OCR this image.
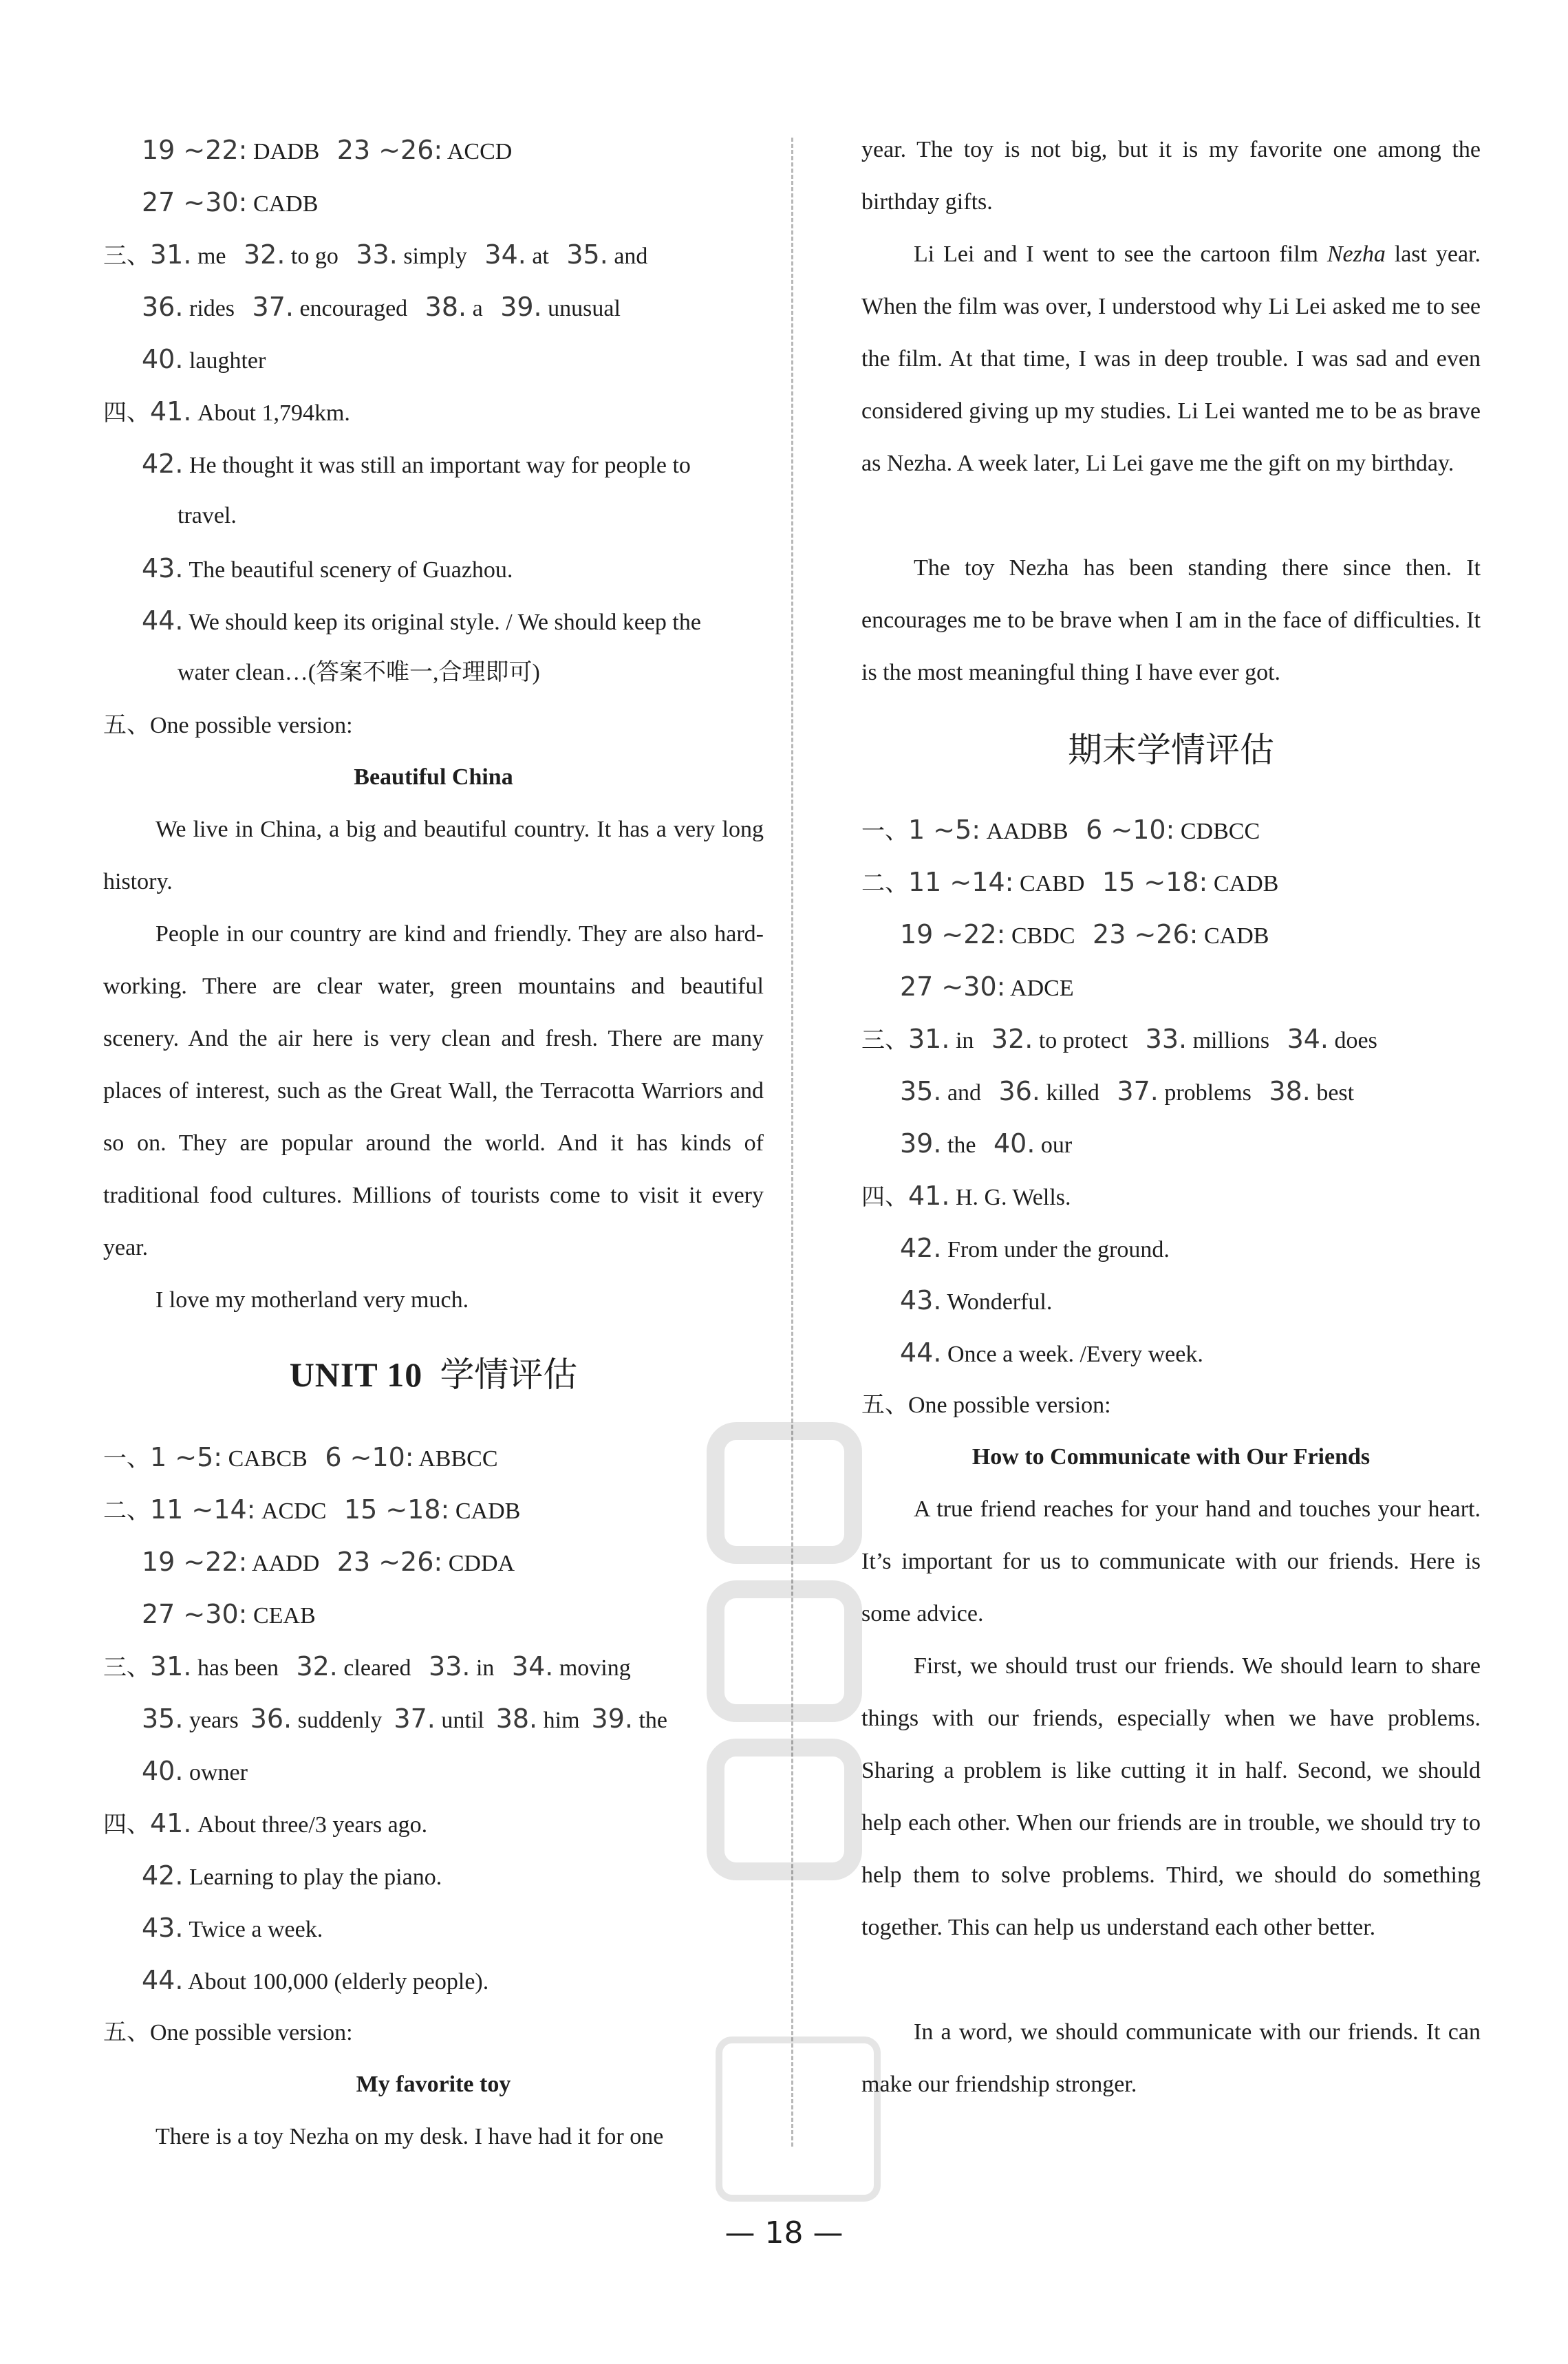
19 ~22: DADB   23 ~26: ACCD
27 ~30: CADB
三、31. me   32. to go   33. simply   34. at   35. and
36. rides   37. encouraged   38. a   39. unusual
40. laughter
四、41. About 1,794km.
42. He thought it was still an important way for people to
travel.
43. The beautiful scenery of Guazhou.
44. We should keep its original style. / We should keep the
water clean…(答案不唯一,合理即可)
五、One possible version:
Beautiful China
We live in China, a big and beautiful country. It has a very long history.
People in our country are kind and friendly. They are also hard-working. There are clear water, green mountains and beautiful scenery. And the air here is very clean and fresh. There are many places of interest, such as the Great Wall, the Terracotta Warriors and so on. They are popular around the world. And it has kinds of traditional food cultures. Millions of tourists come to visit it every year.
I love my motherland very much.
UNIT 10 学情评估
一、1 ~5: CABCB   6 ~10: ABBCC
二、11 ~14: ACDC   15 ~18: CADB
19 ~22: AADD   23 ~26: CDDA
27 ~30: CEAB
三、31. has been   32. cleared   33. in   34. moving
35. years  36. suddenly  37. until  38. him  39. the
40. owner
四、41. About three/3 years ago.
42. Learning to play the piano.
43. Twice a week.
44. About 100,000 (elderly people).
五、One possible version:
My favorite toy
There is a toy Nezha on my desk. I have had it for one
year. The toy is not big, but it is my favorite one among the birthday gifts.
Li Lei and I went to see the cartoon film Nezha last year. When the film was over, I understood why Li Lei asked me to see the film. At that time, I was in deep trouble. I was sad and even considered giving up my studies. Li Lei wanted me to be as brave as Nezha. A week later, Li Lei gave me the gift on my birthday.
The toy Nezha has been standing there since then. It encourages me to be brave when I am in the face of difficulties. It is the most meaningful thing I have ever got.
期末学情评估
一、1 ~5: AADBB   6 ~10: CDBCC
二、11 ~14: CABD   15 ~18: CADB
19 ~22: CBDC   23 ~26: CADB
27 ~30: ADCE
三、31. in   32. to protect   33. millions   34. does
35. and   36. killed   37. problems   38. best
39. the   40. our
四、41. H. G. Wells.
42. From under the ground.
43. Wonderful.
44. Once a week. /Every week.
五、One possible version:
How to Communicate with Our Friends
A true friend reaches for your hand and touches your heart. It’s important for us to communicate with our friends. Here is some advice.
First, we should trust our friends. We should learn to share things with our friends, especially when we have problems. Sharing a problem is like cutting it in half. Second, we should help each other. When our friends are in trouble, we should try to help them to solve problems. Third, we should do something together. This can help us understand each other better.
In a word, we should communicate with our friends. It can make our friendship stronger.
— 18 —
